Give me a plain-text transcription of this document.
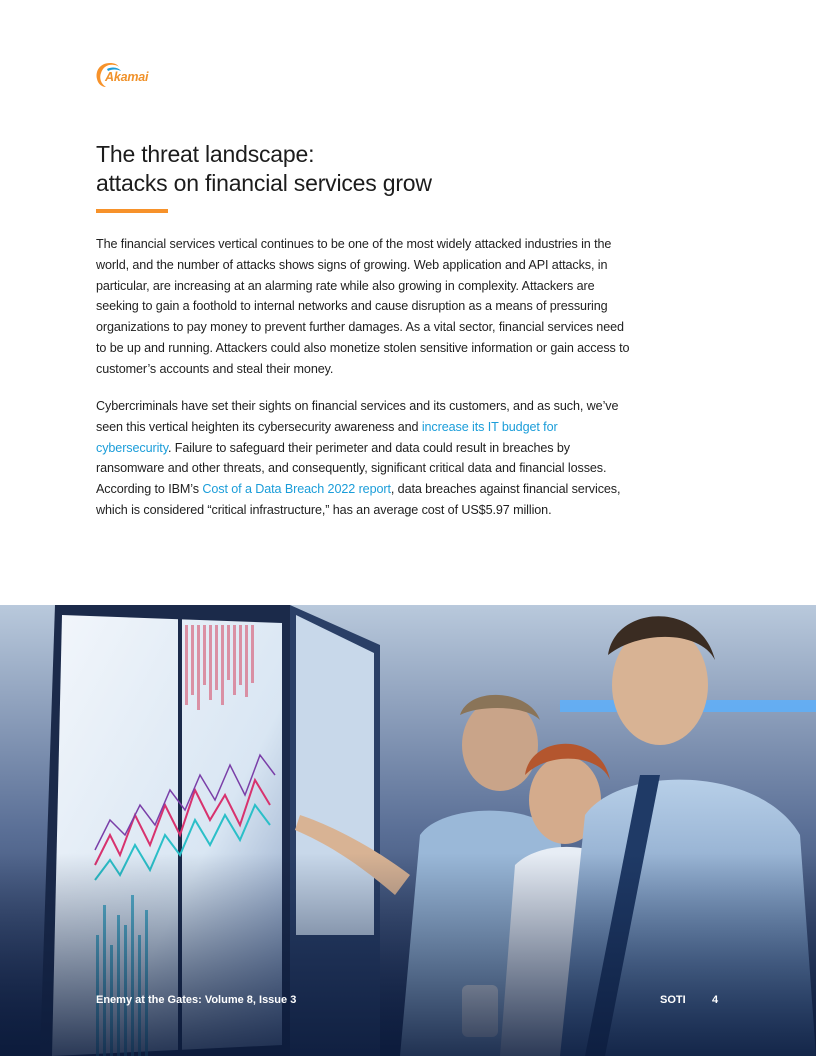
Akamai
The threat landscape:
attacks on financial services grow

The financial services vertical continues to be one of the most widely attacked industries in the world, and the number of attacks shows signs of growing. Web application and API attacks, in particular, are increasing at an alarming rate while also growing in complexity. Attackers are seeking to gain a foothold to internal networks and cause disruption as a means of pressuring organizations to pay money to prevent further damages. As a vital sector, financial services need to be up and running. Attackers could also monetize stolen sensitive information or gain access to customer’s accounts and steal their money.

Cybercriminals have set their sights on financial services and its customers, and as such, we’ve seen this vertical heighten its cybersecurity awareness and increase its IT budget for cybersecurity. Failure to safeguard their perimeter and data could result in breaches by ransomware and other threats, and consequently, significant critical data and financial losses. According to IBM’s Cost of a Data Breach 2022 report, data breaches against financial services, which is considered “critical infrastructure,” has an average cost of US$5.97 million.

Enemy at the Gates: Volume 8, Issue 3	SOTI 4
